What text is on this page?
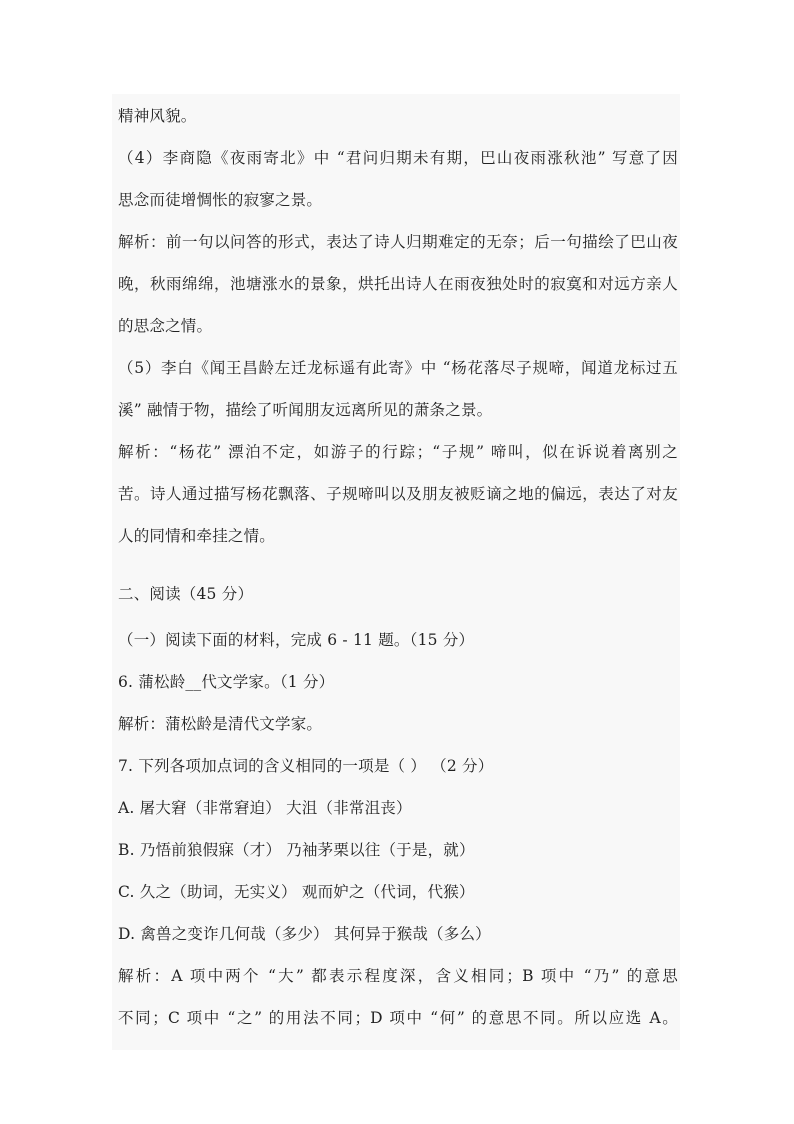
精神风貌。
（4）李商隐《夜雨寄北》中 “君问归期未有期，巴山夜雨涨秋池” 写意了因
思念而徒增惆怅的寂寥之景。
解析：前一句以问答的形式，表达了诗人归期难定的无奈；后一句描绘了巴山夜
晚，秋雨绵绵，池塘涨水的景象，烘托出诗人在雨夜独处时的寂寞和对远方亲人
的思念之情。
（5）李白《闻王昌龄左迁龙标遥有此寄》中 “杨花落尽子规啼，闻道龙标过五
溪” 融情于物，描绘了听闻朋友远离所见的萧条之景。
解析：“杨花” 漂泊不定，如游子的行踪；“子规” 啼叫，似在诉说着离别之
苦。诗人通过描写杨花飘落、子规啼叫以及朋友被贬谪之地的偏远，表达了对友
人的同情和牵挂之情。
二、阅读（45 分）
（一）阅读下面的材料，完成 6 - 11 题。（15 分）
6. 蒲松龄__代文学家。（1 分）
解析：蒲松龄是清代文学家。
7. 下列各项加点词的含义相同的一项是（ ） （2 分）
A. 屠大窘（非常窘迫） 大沮（非常沮丧）
B. 乃悟前狼假寐（才） 乃袖茅栗以往（于是，就）
C. 久之（助词，无实义） 观而妒之（代词，代猴）
D. 禽兽之变诈几何哉（多少） 其何异于猴哉（多么）
解析：A 项中两个 “大” 都表示程度深，含义相同；B 项中 “乃” 的意思
不同；C 项中 “之” 的用法不同；D 项中 “何” 的意思不同。所以应选 A。
